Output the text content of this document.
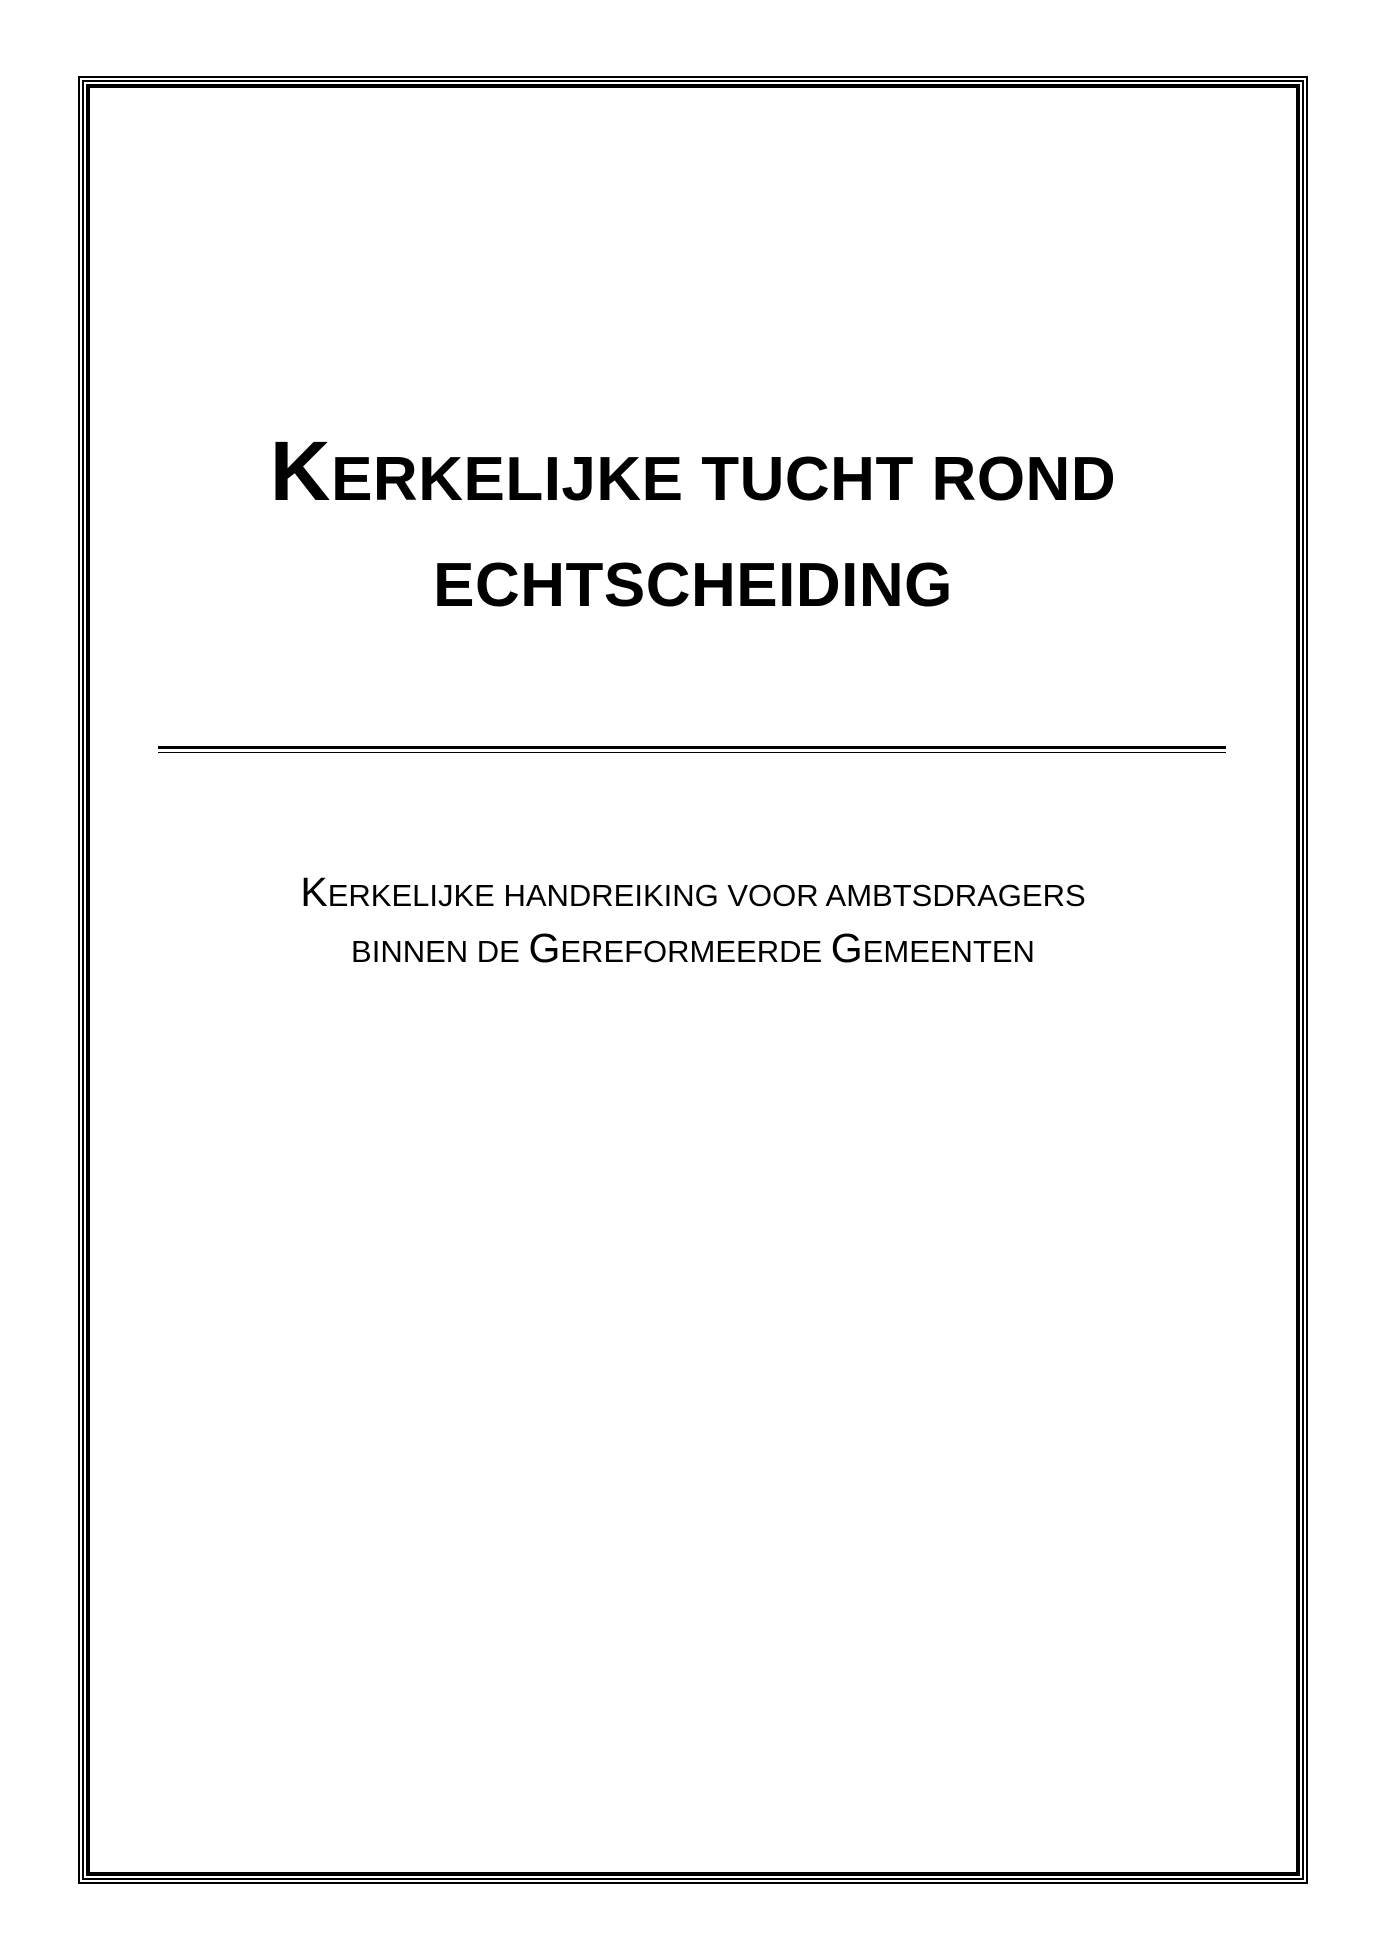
KERKELIJKE TUCHT ROND
ECHTSCHEIDING

KERKELIJKE HANDREIKING VOOR AMBTSDRAGERS
BINNEN DE GEREFORMEERDE GEMEENTEN
